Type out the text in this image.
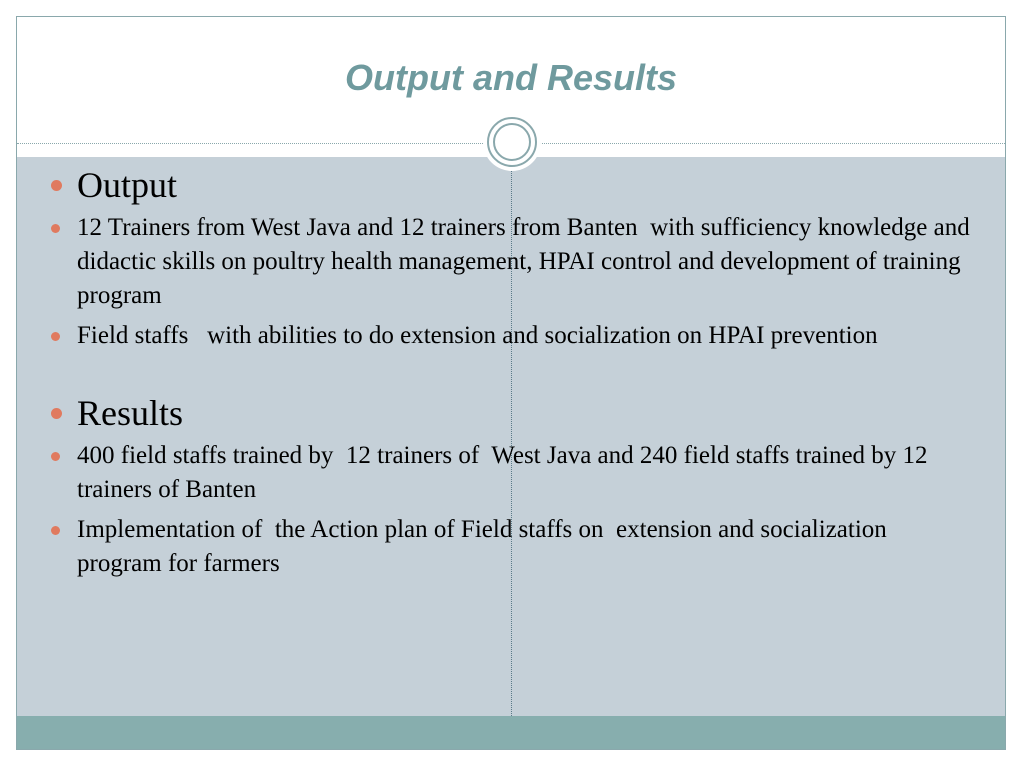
Output and Results
Output
12 Trainers from West Java and 12 trainers from Banten  with sufficiency knowledge and didactic skills on poultry health management, HPAI control and development of training program
Field staffs   with abilities to do extension and socialization on HPAI prevention
Results
400 field staffs trained by  12 trainers of  West Java and 240 field staffs trained by 12 trainers of Banten
Implementation of  the Action plan of Field staffs on  extension and socialization  program for farmers
